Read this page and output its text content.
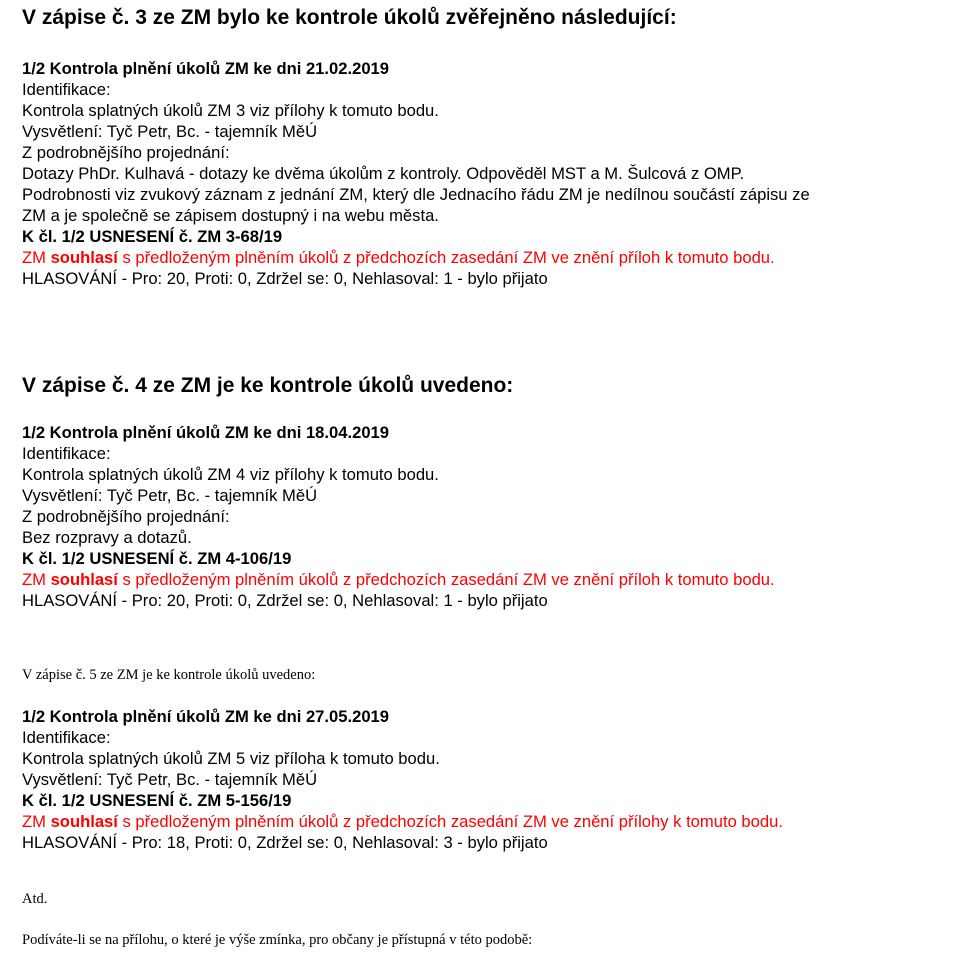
V zápise č. 3 ze ZM bylo ke kontrole úkolů zvěřejněno následující:

1/2 Kontrola plnění úkolů ZM ke dni 21.02.2019

Identifikace:

Kontrola splatných úkolů ZM 3 viz přílohy k tomuto bodu.

Vysvětlení: Tyč Petr, Bc. - tajemník MěÚ

Z podrobnějšího projednání:

Dotazy PhDr. Kulhavá - dotazy ke dvěma úkolům z kontroly. Odpověděl MST a M. Šulcová z OMP. Podrobnosti viz zvukový záznam z jednání ZM, který dle Jednacího řádu ZM je nedílnou součástí zápisu ze ZM a je společně se zápisem dostupný i na webu města.

K čl. 1/2 USNESENÍ č. ZM 3-68/19

ZM souhlasí s předloženým plněním úkolů z předchozích zasedání ZM ve znění příloh k tomuto bodu.

HLASOVÁNÍ - Pro: 20, Proti: 0, Zdržel se: 0, Nehlasoval: 1 - bylo přijato

V zápise č. 4 ze ZM je ke kontrole úkolů uvedeno:

1/2 Kontrola plnění úkolů ZM ke dni 18.04.2019

Identifikace:

Kontrola splatných úkolů ZM 4 viz přílohy k tomuto bodu.

Vysvětlení: Tyč Petr, Bc. - tajemník MěÚ

Z podrobnějšího projednání:

Bez rozpravy a dotazů.

K čl. 1/2 USNESENÍ č. ZM 4-106/19

ZM souhlasí s předloženým plněním úkolů z předchozích zasedání ZM ve znění příloh k tomuto bodu.

HLASOVÁNÍ - Pro: 20, Proti: 0, Zdržel se: 0, Nehlasoval: 1 - bylo přijato

V zápise č. 5 ze ZM je ke kontrole úkolů uvedeno:

1/2 Kontrola plnění úkolů ZM ke dni 27.05.2019

Identifikace:

Kontrola splatných úkolů ZM 5 viz příloha k tomuto bodu.

Vysvětlení: Tyč Petr, Bc. - tajemník MěÚ

K čl. 1/2 USNESENÍ č. ZM 5-156/19

ZM souhlasí s předloženým plněním úkolů z předchozích zasedání ZM ve znění přílohy k tomuto bodu.

HLASOVÁNÍ - Pro: 18, Proti: 0, Zdržel se: 0, Nehlasoval: 3 - bylo přijato

Atd.

Podíváte-li se na přílohu, o které je výše zmínka, pro občany je přístupná v této podobě:
